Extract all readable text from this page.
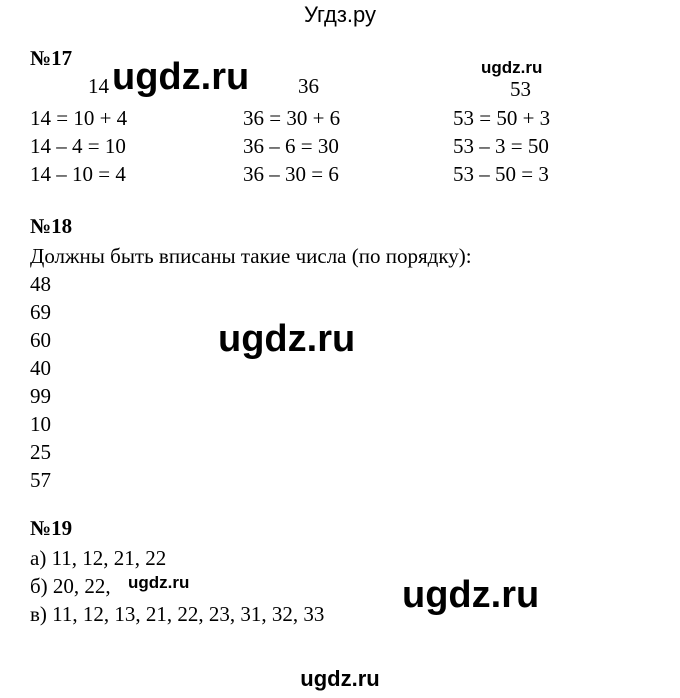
Угдз.ру
№17
14 ugdz.ru 36
ugdz.ru
53
14 = 10 + 4
14 – 4 = 10
14 – 10 = 4
36 = 30 + 6
36 – 6 = 30
36 – 30 = 6
53 = 50 + 3
53 – 3 = 50
53 – 50 = 3
№18
Должны быть вписаны такие числа (по порядку):
48
69
60
40
99
10
25
57
ugdz.ru
№19
а) 11, 12, 21, 22
б) 20, 22, ugdz.ru
в) 11, 12, 13, 21, 22, 23, 31, 32, 33 ugdz.ru
ugdz.ru
